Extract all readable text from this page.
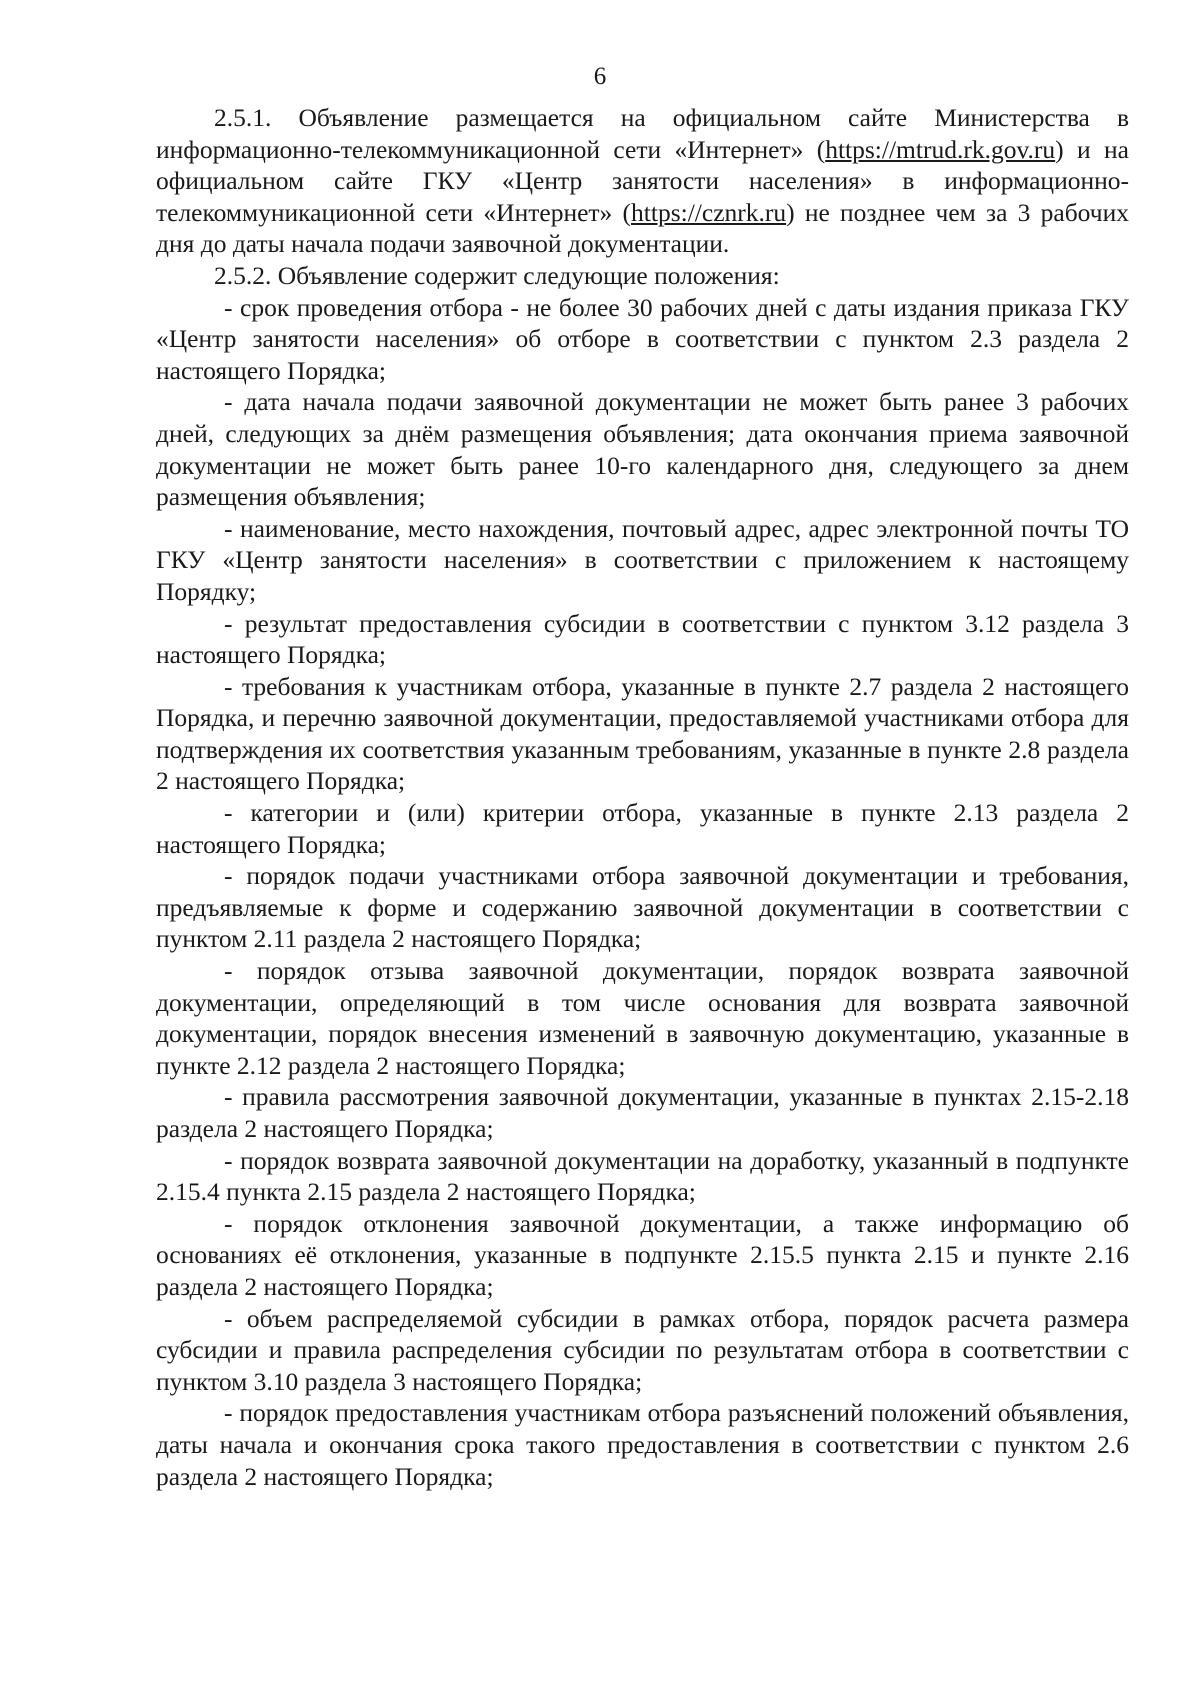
6

2.5.1. Объявление размещается на официальном сайте Министерства в информационно-телекоммуникационной сети «Интернет» (https://mtrud.rk.gov.ru) и на официальном сайте ГКУ «Центр занятости населения» в информационно-телекоммуникационной сети «Интернет» (https://cznrk.ru) не позднее чем за 3 рабочих дня до даты начала подачи заявочной документации.

2.5.2. Объявление содержит следующие положения:

- срок проведения отбора - не более 30 рабочих дней с даты издания приказа ГКУ «Центр занятости населения» об отборе в соответствии с пунктом 2.3 раздела 2 настоящего Порядка;

- дата начала подачи заявочной документации не может быть ранее 3 рабочих дней, следующих за днём размещения объявления; дата окончания приема заявочной документации не может быть ранее 10-го календарного дня, следующего за днем размещения объявления;

- наименование, место нахождения, почтовый адрес, адрес электронной почты ТО ГКУ «Центр занятости населения» в соответствии с приложением к настоящему Порядку;

- результат предоставления субсидии в соответствии с пунктом 3.12 раздела 3 настоящего Порядка;

- требования к участникам отбора, указанные в пункте 2.7 раздела 2 настоящего Порядка, и перечню заявочной документации, предоставляемой участниками отбора для подтверждения их соответствия указанным требованиям, указанные в пункте 2.8 раздела 2 настоящего Порядка;

- категории и (или) критерии отбора, указанные в пункте 2.13 раздела 2 настоящего Порядка;

- порядок подачи участниками отбора заявочной документации и требования, предъявляемые к форме и содержанию заявочной документации в соответствии с пунктом 2.11 раздела 2 настоящего Порядка;

- порядок отзыва заявочной документации, порядок возврата заявочной документации, определяющий в том числе основания для возврата заявочной документации, порядок внесения изменений в заявочную документацию, указанные в пункте 2.12 раздела 2 настоящего Порядка;

- правила рассмотрения заявочной документации, указанные в пунктах 2.15-2.18 раздела 2 настоящего Порядка;

- порядок возврата заявочной документации на доработку, указанный в подпункте 2.15.4 пункта 2.15 раздела 2 настоящего Порядка;

- порядок отклонения заявочной документации, а также информацию об основаниях её отклонения, указанные в подпункте 2.15.5 пункта 2.15 и пункте 2.16 раздела 2 настоящего Порядка;

- объем распределяемой субсидии в рамках отбора, порядок расчета размера субсидии и правила распределения субсидии по результатам отбора в соответствии с пунктом 3.10 раздела 3 настоящего Порядка;

- порядок предоставления участникам отбора разъяснений положений объявления, даты начала и окончания срока такого предоставления в соответствии с пунктом 2.6 раздела 2 настоящего Порядка;
